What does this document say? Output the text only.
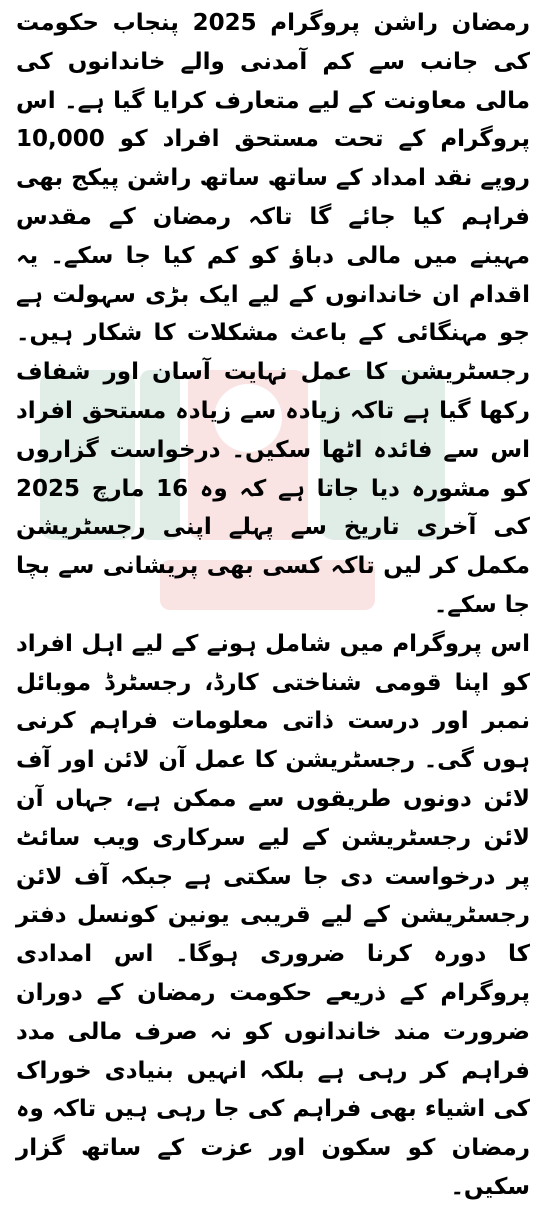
رمضان راشن پروگرام 2025 پنجاب حکومت کی جانب سے کم آمدنی والے خاندانوں کی مالی معاونت کے لیے متعارف کرایا گیا ہے۔ اس پروگرام کے تحت مستحق افراد کو 10,000 روپے نقد امداد کے ساتھ ساتھ راشن پیکج بھی فراہم کیا جائے گا تاکہ رمضان کے مقدس مہینے میں مالی دباؤ کو کم کیا جا سکے۔ یہ اقدام ان خاندانوں کے لیے ایک بڑی سہولت ہے جو مہنگائی کے باعث مشکلات کا شکار ہیں۔ رجسٹریشن کا عمل نہایت آسان اور شفاف رکھا گیا ہے تاکہ زیادہ سے زیادہ مستحق افراد اس سے فائدہ اٹھا سکیں۔ درخواست گزاروں کو مشورہ دیا جاتا ہے کہ وہ 16 مارچ 2025 کی آخری تاریخ سے پہلے اپنی رجسٹریشن مکمل کر لیں تاکہ کسی بھی پریشانی سے بچا جا سکے۔

اس پروگرام میں شامل ہونے کے لیے اہل افراد کو اپنا قومی شناختی کارڈ، رجسٹرڈ موبائل نمبر اور درست ذاتی معلومات فراہم کرنی ہوں گی۔ رجسٹریشن کا عمل آن لائن اور آف لائن دونوں طریقوں سے ممکن ہے، جہاں آن لائن رجسٹریشن کے لیے سرکاری ویب سائٹ پر درخواست دی جا سکتی ہے جبکہ آف لائن رجسٹریشن کے لیے قریبی یونین کونسل دفتر کا دورہ کرنا ضروری ہوگا۔ اس امدادی پروگرام کے ذریعے حکومت رمضان کے دوران ضرورت مند خاندانوں کو نہ صرف مالی مدد فراہم کر رہی ہے بلکہ انہیں بنیادی خوراک کی اشیاء بھی فراہم کی جا رہی ہیں تاکہ وہ رمضان کو سکون اور عزت کے ساتھ گزار سکیں۔
